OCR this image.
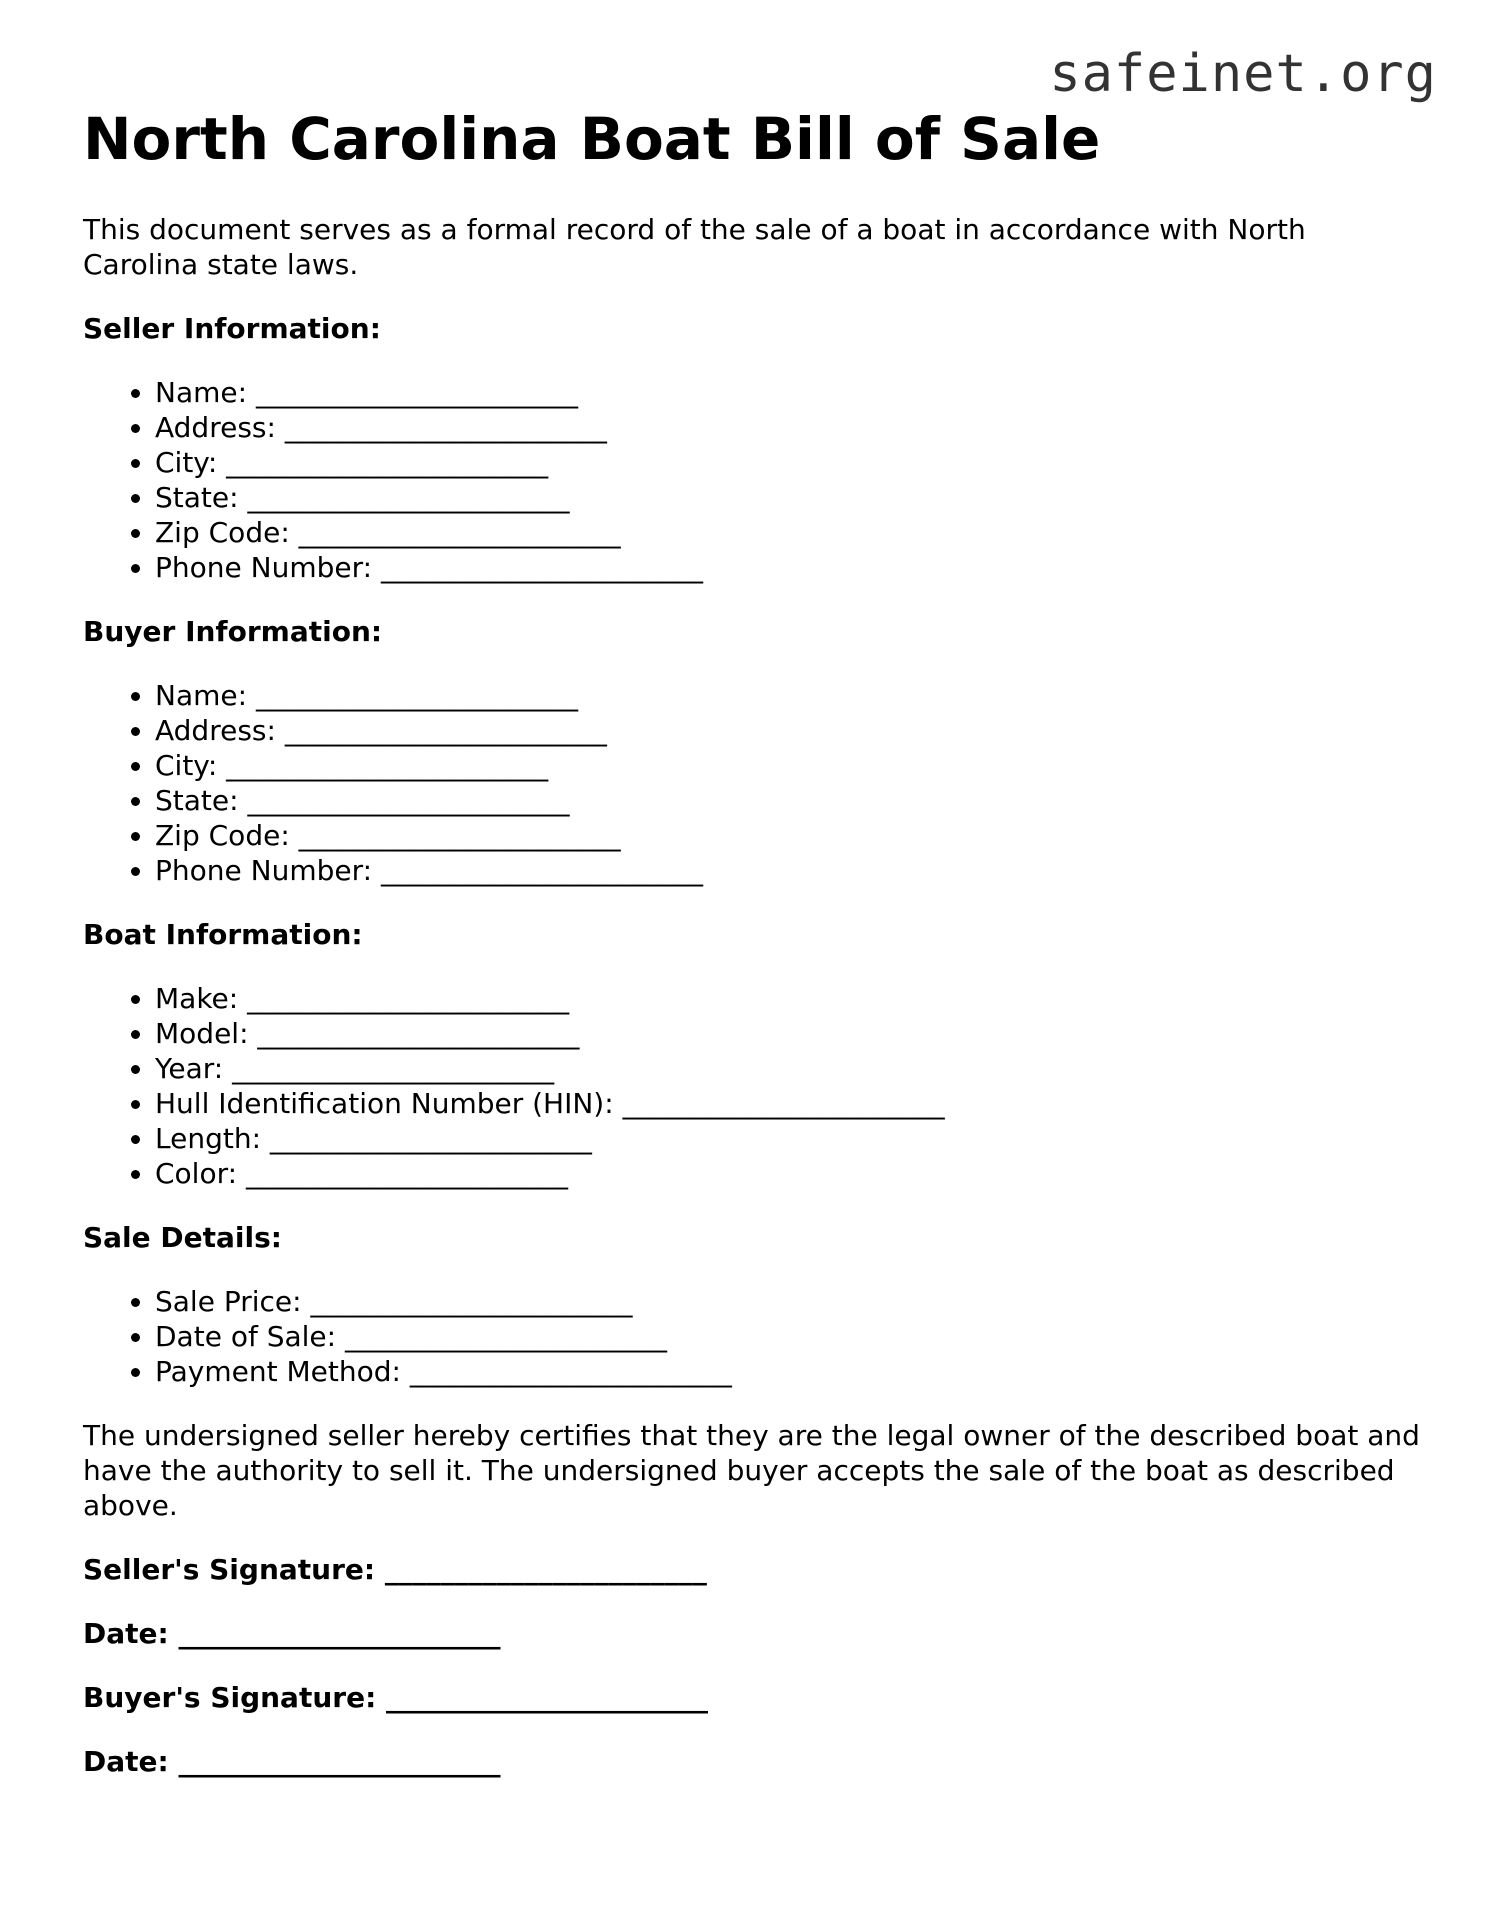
safeinet.org
North Carolina Boat Bill of Sale

This document serves as a formal record of the sale of a boat in accordance with North Carolina state laws.

Seller Information:
• Name: _______________________
• Address: _______________________
• City: _______________________
• State: _______________________
• Zip Code: _______________________
• Phone Number: _______________________
Buyer Information:
• Name: _______________________
• Address: _______________________
• City: _______________________
• State: _______________________
• Zip Code: _______________________
• Phone Number: _______________________
Boat Information:
• Make: _______________________
• Model: _______________________
• Year: _______________________
• Hull Identification Number (HIN): _______________________
• Length: _______________________
• Color: _______________________
Sale Details:
• Sale Price: _______________________
• Date of Sale: _______________________
• Payment Method: _______________________

The undersigned seller hereby certifies that they are the legal owner of the described boat and have the authority to sell it. The undersigned buyer accepts the sale of the boat as described above.

Seller's Signature: _______________________
Date: _______________________
Buyer's Signature: _______________________
Date: _______________________
